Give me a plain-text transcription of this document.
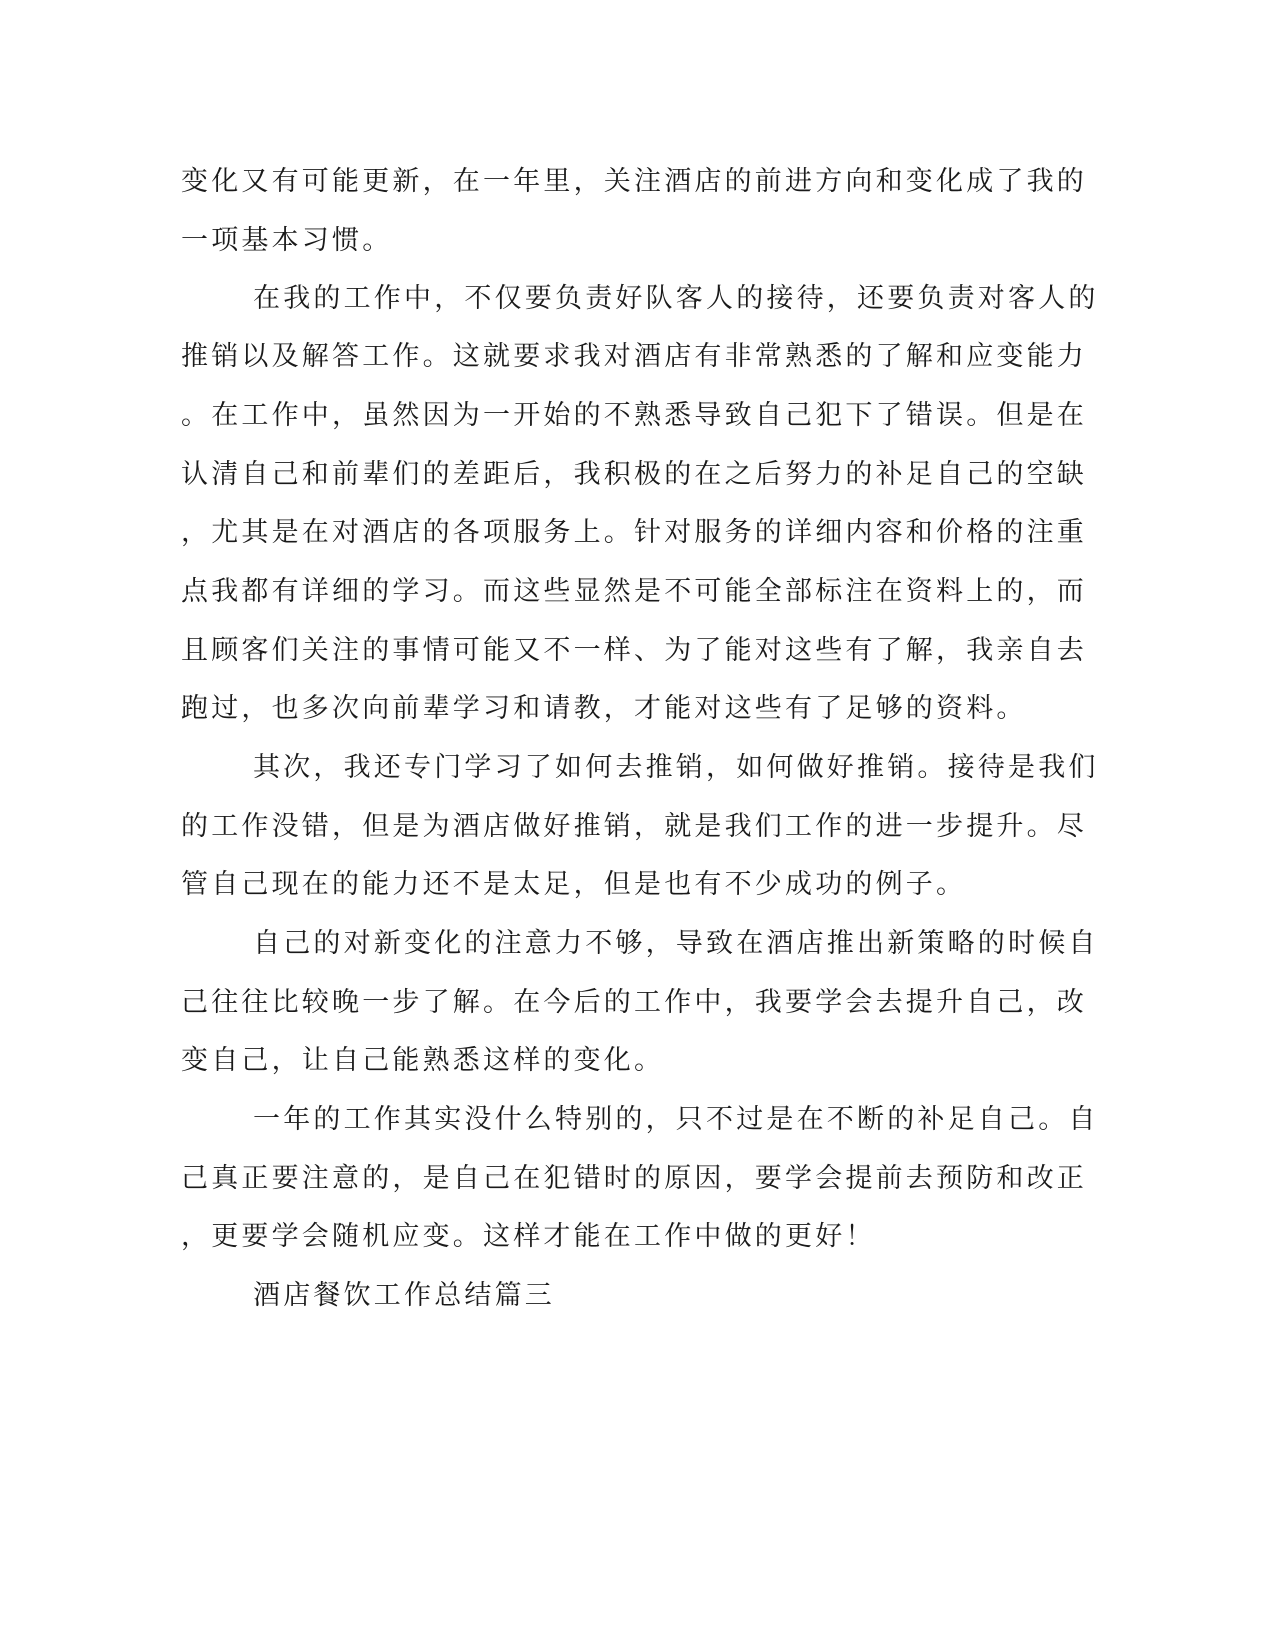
变化又有可能更新，在一年里，关注酒店的前进方向和变化成了我的
一项基本习惯。
在我的工作中，不仅要负责好队客人的接待，还要负责对客人的
推销以及解答工作。这就要求我对酒店有非常熟悉的了解和应变能力
。在工作中，虽然因为一开始的不熟悉导致自己犯下了错误。但是在
认清自己和前辈们的差距后，我积极的在之后努力的补足自己的空缺
，尤其是在对酒店的各项服务上。针对服务的详细内容和价格的注重
点我都有详细的学习。而这些显然是不可能全部标注在资料上的，而
且顾客们关注的事情可能又不一样、为了能对这些有了解，我亲自去
跑过，也多次向前辈学习和请教，才能对这些有了足够的资料。
其次，我还专门学习了如何去推销，如何做好推销。接待是我们
的工作没错，但是为酒店做好推销，就是我们工作的进一步提升。尽
管自己现在的能力还不是太足，但是也有不少成功的例子。
自己的对新变化的注意力不够，导致在酒店推出新策略的时候自
己往往比较晚一步了解。在今后的工作中，我要学会去提升自己，改
变自己，让自己能熟悉这样的变化。
一年的工作其实没什么特别的，只不过是在不断的补足自己。自
己真正要注意的，是自己在犯错时的原因，要学会提前去预防和改正
，更要学会随机应变。这样才能在工作中做的更好！
酒店餐饮工作总结篇三
